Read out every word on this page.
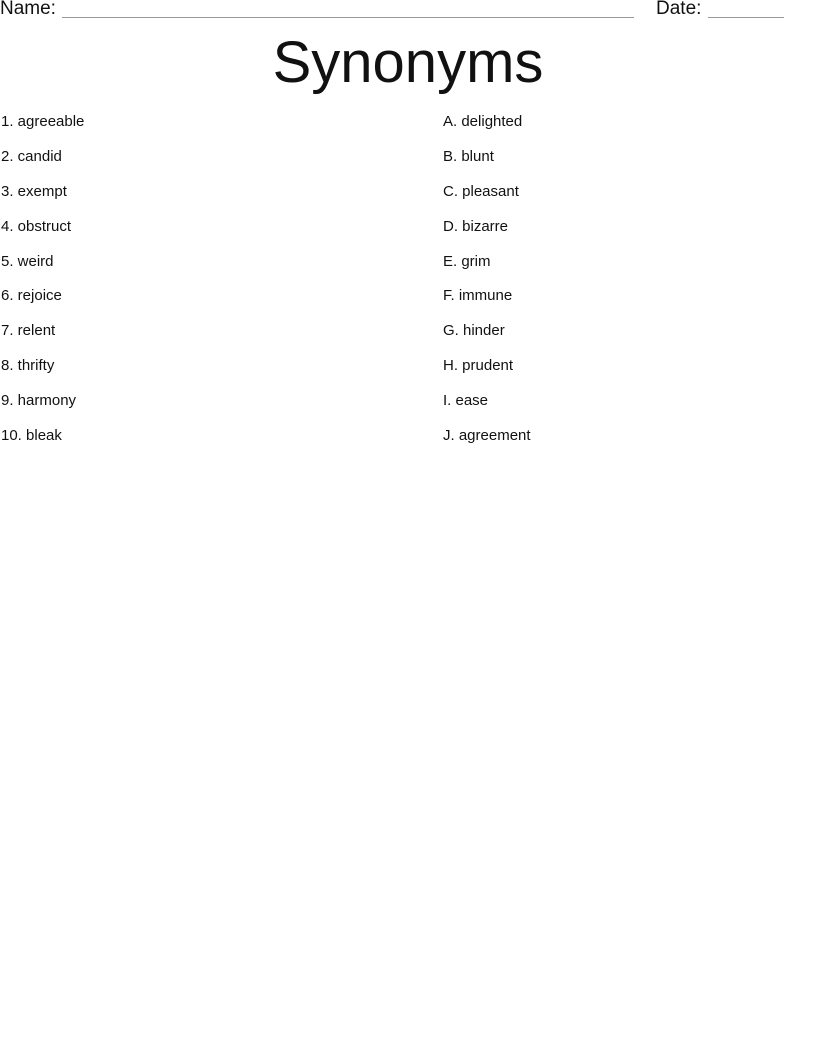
Name:	Date:
Synonyms
1. agreeable
2. candid
3. exempt
4. obstruct
5. weird
6. rejoice
7. relent
8. thrifty
9. harmony
10. bleak
A. delighted
B. blunt
C. pleasant
D. bizarre
E. grim
F. immune
G. hinder
H. prudent
I. ease
J. agreement
